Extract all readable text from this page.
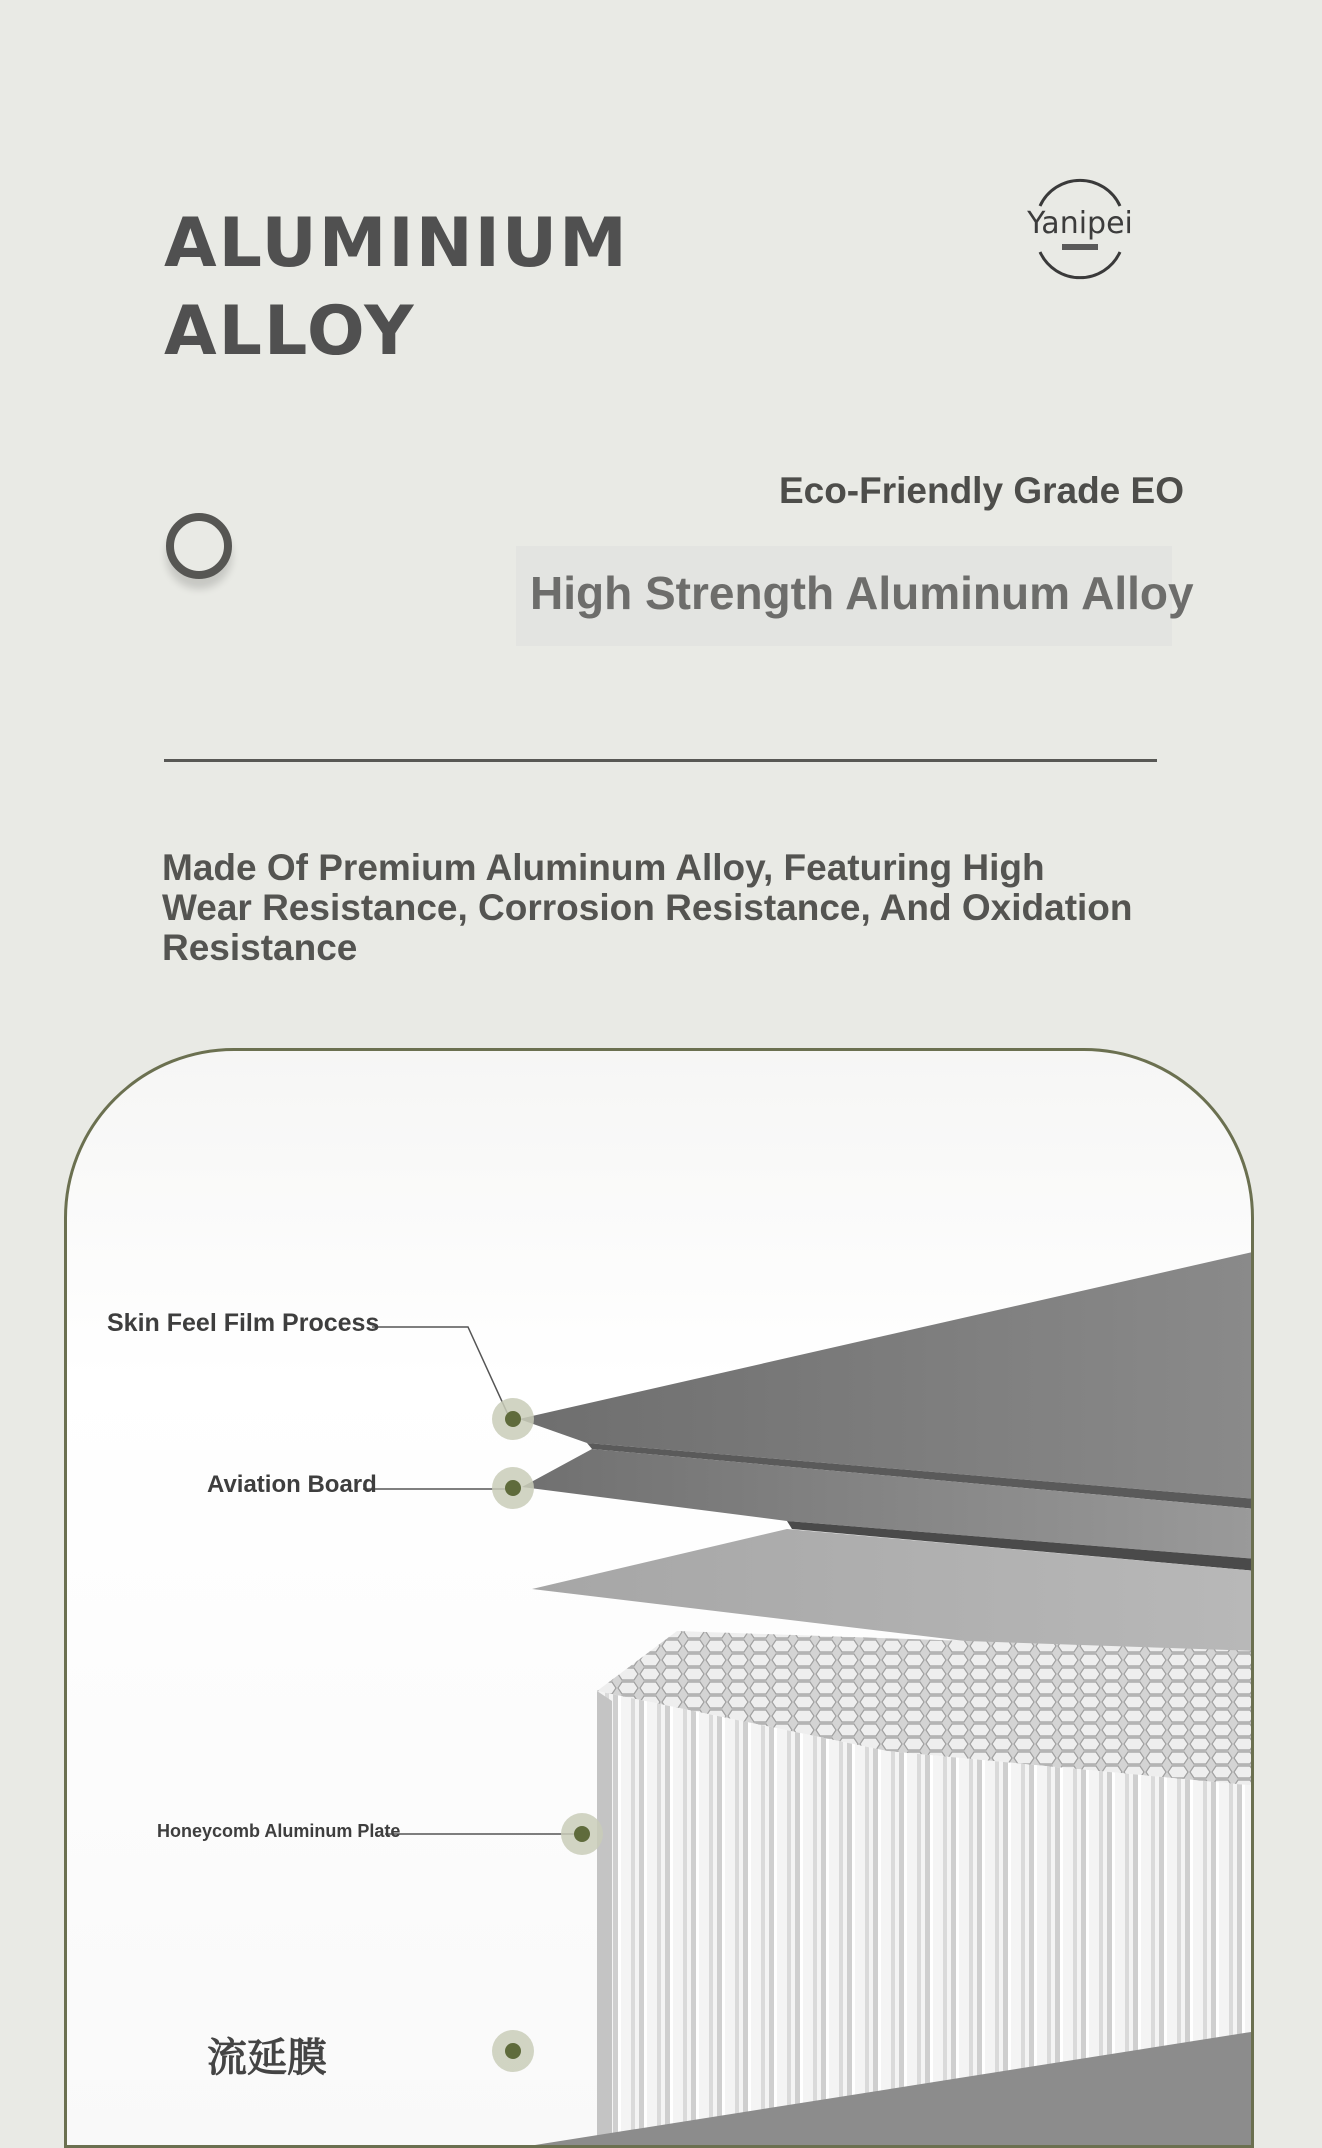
ALUMINIUM
ALLOY
Yanipei

Eco-Friendly Grade EO

High Strength Aluminum Alloy

Made Of Premium Aluminum Alloy, Featuring High Wear Resistance, Corrosion Resistance, And Oxidation Resistance

Skin Feel Film Process

Aviation Board

Honeycomb Aluminum Plate

流延膜
